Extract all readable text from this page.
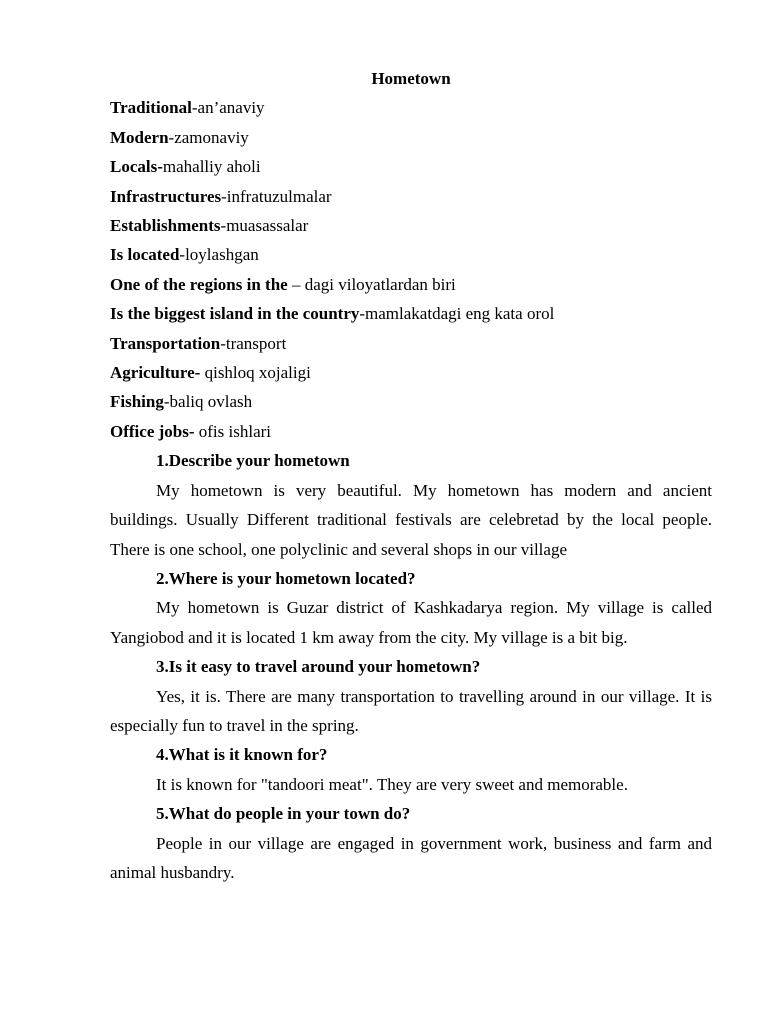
Hometown

Traditional-an’anaviy

Modern-zamonaviy

Locals-mahalliy aholi

Infrastructures-infratuzulmalar

Establishments-muasassalar

Is located-loylashgan

One of the regions in the – dagi viloyatlardan biri

Is the biggest island in the country-mamlakatdagi eng kata orol

Transportation-transport

Agriculture- qishloq xojaligi

Fishing-baliq ovlash

Office jobs- ofis ishlari

1.Describe your hometown

My hometown is very beautiful. My hometown has modern and ancient buildings. Usually Different traditional festivals are celebretad by the local people. There is one school, one polyclinic and several shops in our village

2.Where is your hometown located?

My hometown is Guzar district of Kashkadarya region. My village is called Yangiobod and it is located 1 km away from the city. My village is a bit big.

3.Is it easy to travel around your hometown?

Yes, it is. There are many transportation to travelling around in our village. It is especially fun to travel in the spring.

4.What is it known for?

It is known for "tandoori meat". They are very sweet and memorable.

5.What do people in your town do?

People in our village are engaged in government work, business and farm and animal husbandry.
